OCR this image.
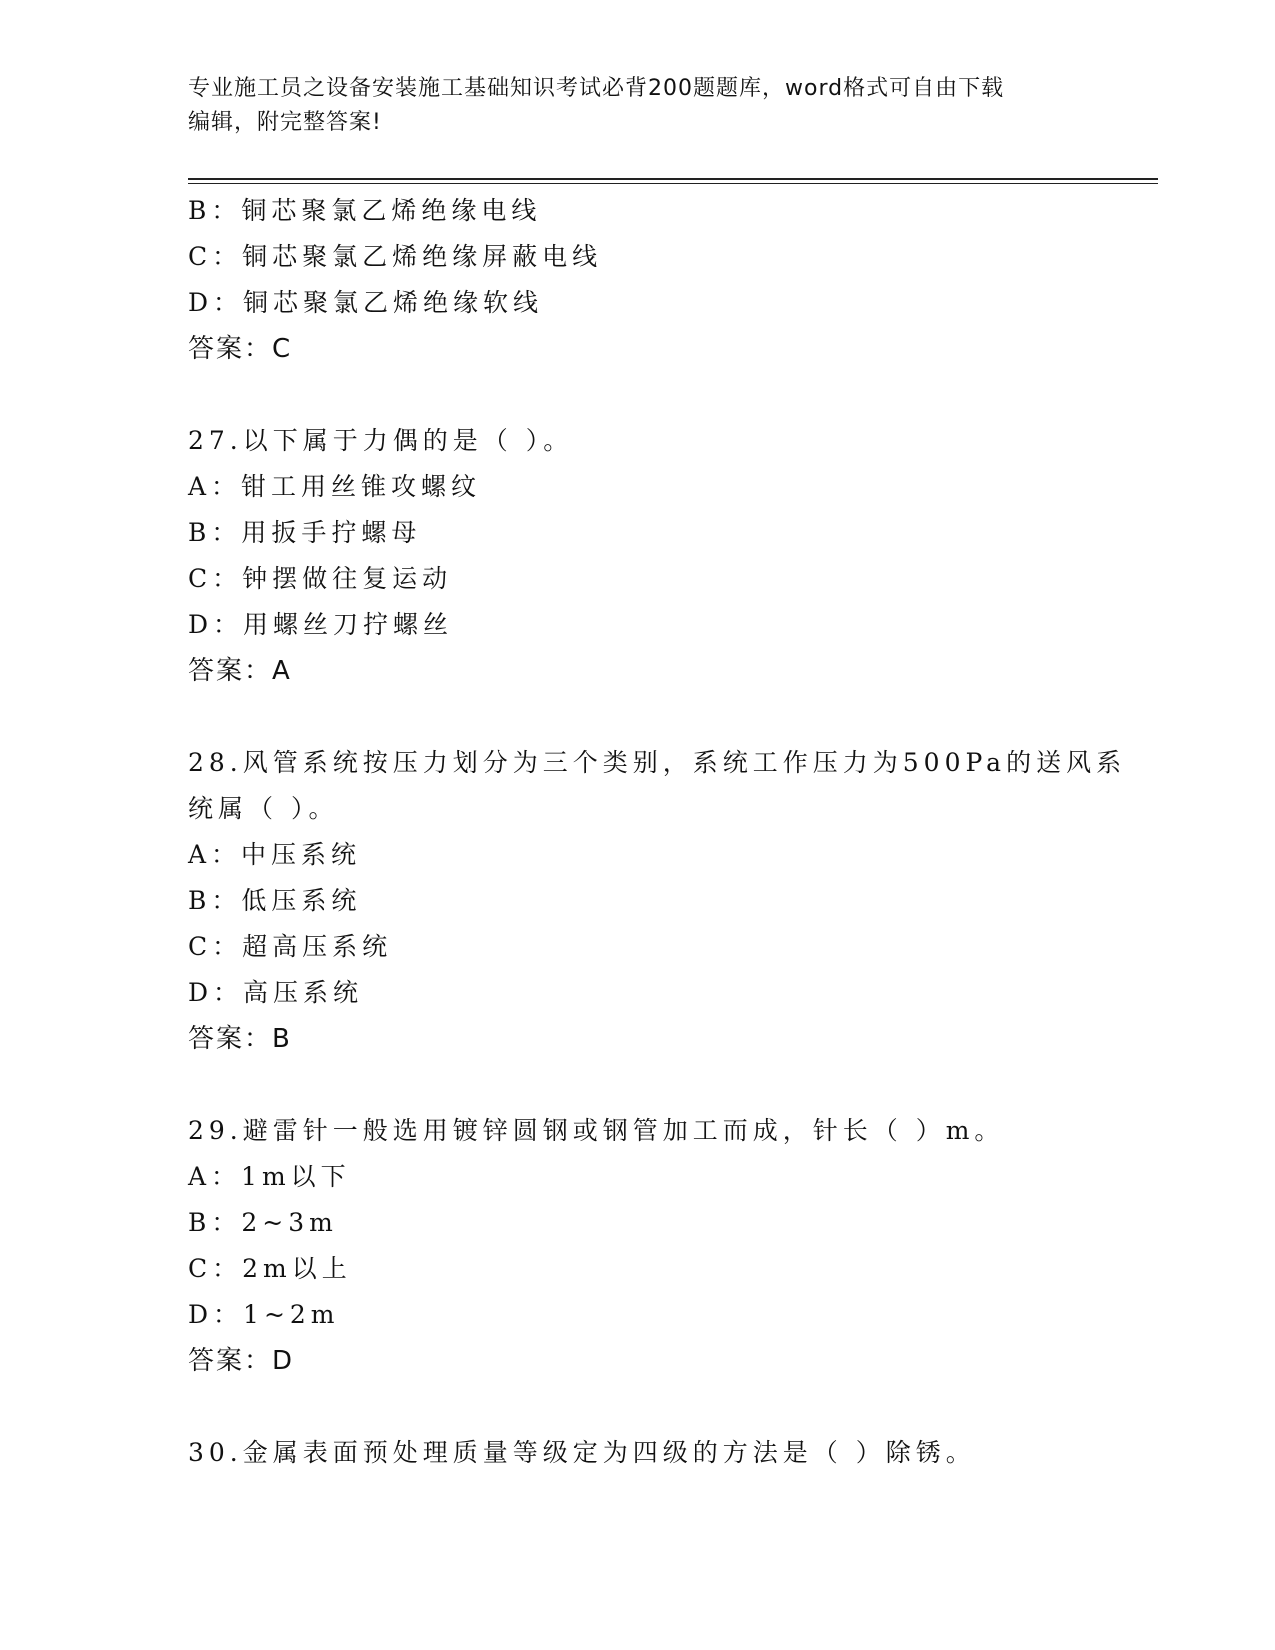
专业施工员之设备安装施工基础知识考试必背200题题库，word格式可自由下载
编辑，附完整答案!
B：铜芯聚氯乙烯绝缘电线
C：铜芯聚氯乙烯绝缘屏蔽电线
D：铜芯聚氯乙烯绝缘软线
答案：C
27.以下属于力偶的是（ ）。
A：钳工用丝锥攻螺纹
B：用扳手拧螺母
C：钟摆做往复运动
D：用螺丝刀拧螺丝
答案：A
28.风管系统按压力划分为三个类别，系统工作压力为500Pa的送风系
统属（ ）。
A：中压系统
B：低压系统
C：超高压系统
D：高压系统
答案：B
29.避雷针一般选用镀锌圆钢或钢管加工而成，针长（ ）m。
A：1m以下
B：2~3m
C：2m以上
D：1~2m
答案：D
30.金属表面预处理质量等级定为四级的方法是（ ）除锈。
